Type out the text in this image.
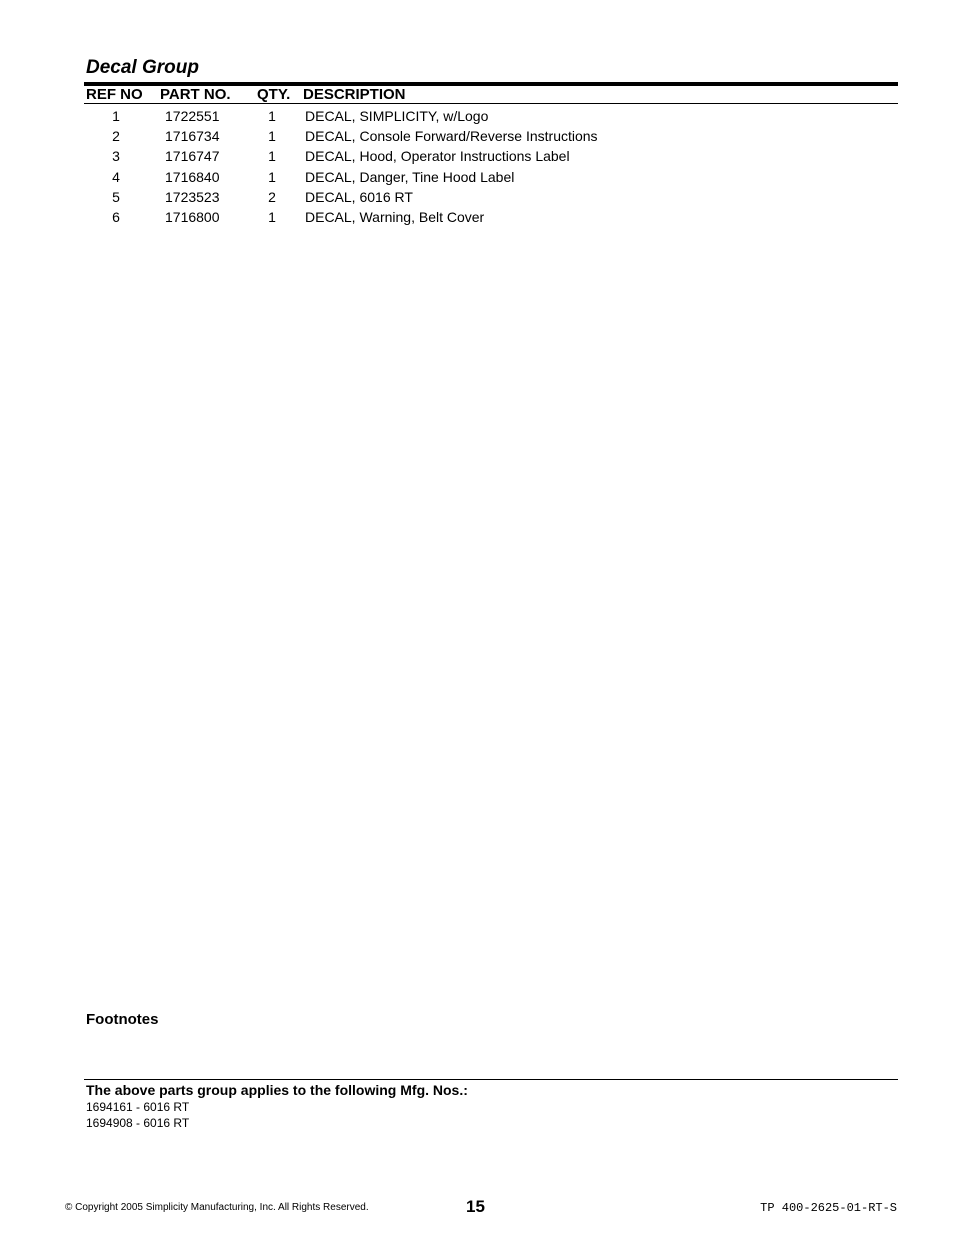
Decal Group
REF NO PART NO. QTY. DESCRIPTION
1	1722551	1	DECAL, SIMPLICITY, w/Logo
2	1716734	1	DECAL, Console Forward/Reverse Instructions
3	1716747	1	DECAL, Hood, Operator Instructions Label
4	1716840	1	DECAL, Danger, Tine Hood Label
5	1723523	2	DECAL, 6016 RT
6	1716800	1	DECAL, Warning, Belt Cover
Footnotes
The above parts group applies to the following Mfg. Nos.:
1694161 - 6016 RT
1694908 - 6016 RT
© Copyright 2005 Simplicity Manufacturing, Inc. All Rights Reserved.	15	TP 400-2625-01-RT-S
